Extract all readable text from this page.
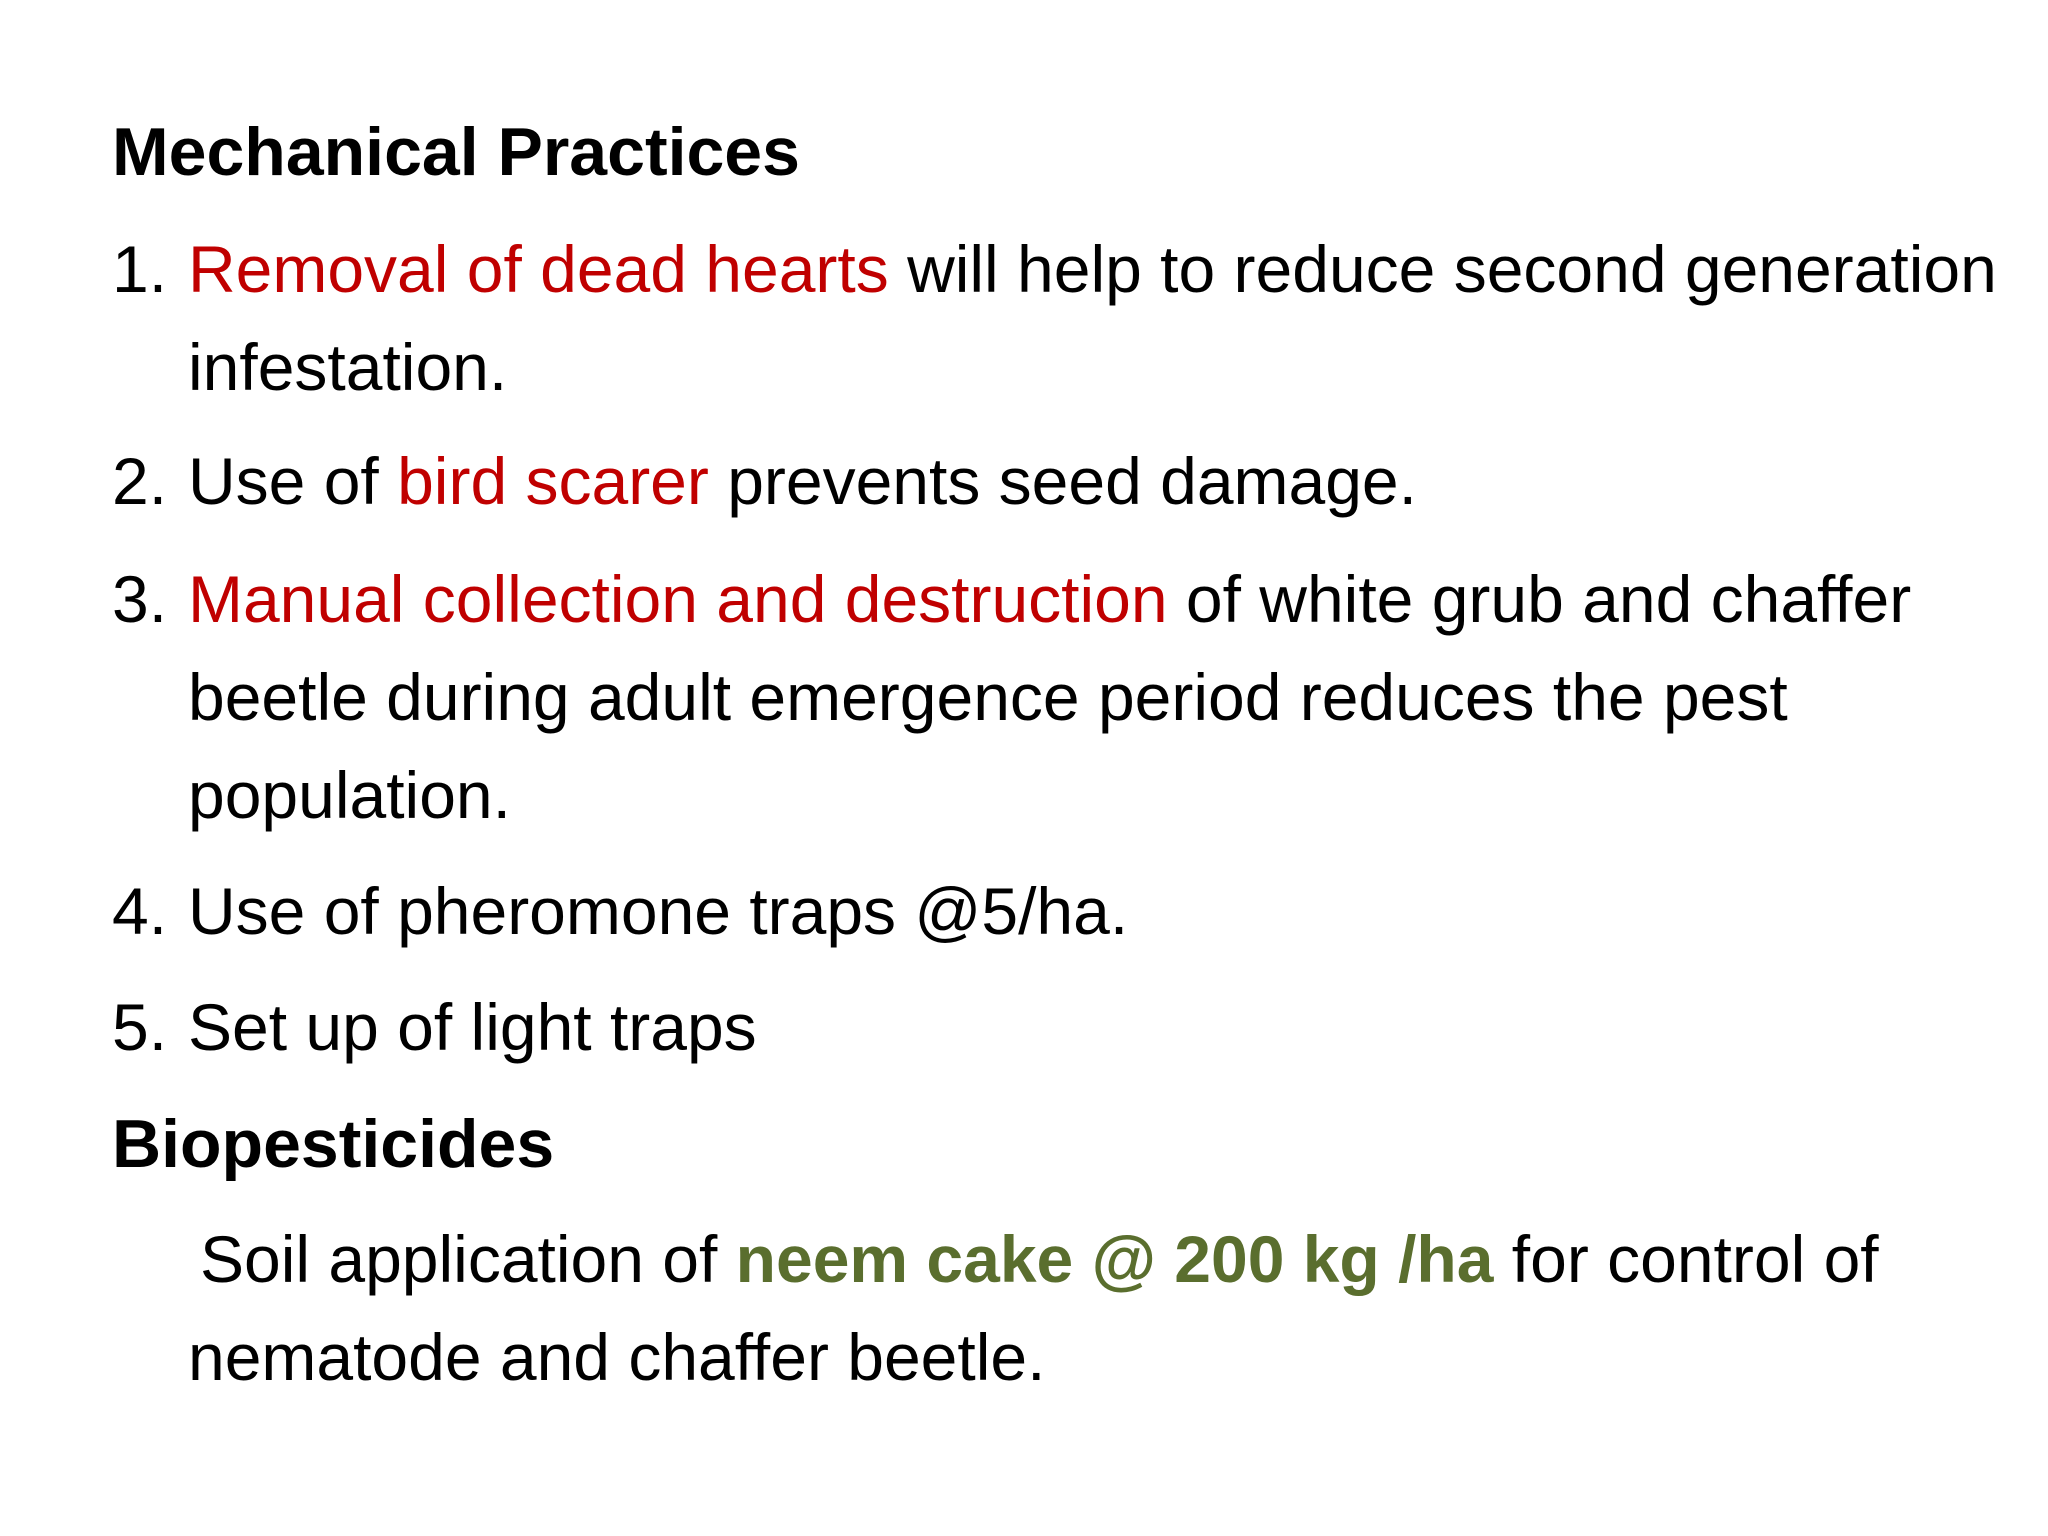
Mechanical Practices
1. Removal of dead hearts will help to reduce second generation infestation.
2. Use of bird scarer prevents seed damage.
3. Manual collection and destruction of white grub and chaffer beetle during adult emergence period reduces the pest population.
4. Use of pheromone traps @5/ha.
5. Set up of light traps
Biopesticides
Soil application of neem cake @ 200 kg /ha for control of nematode and chaffer beetle.
